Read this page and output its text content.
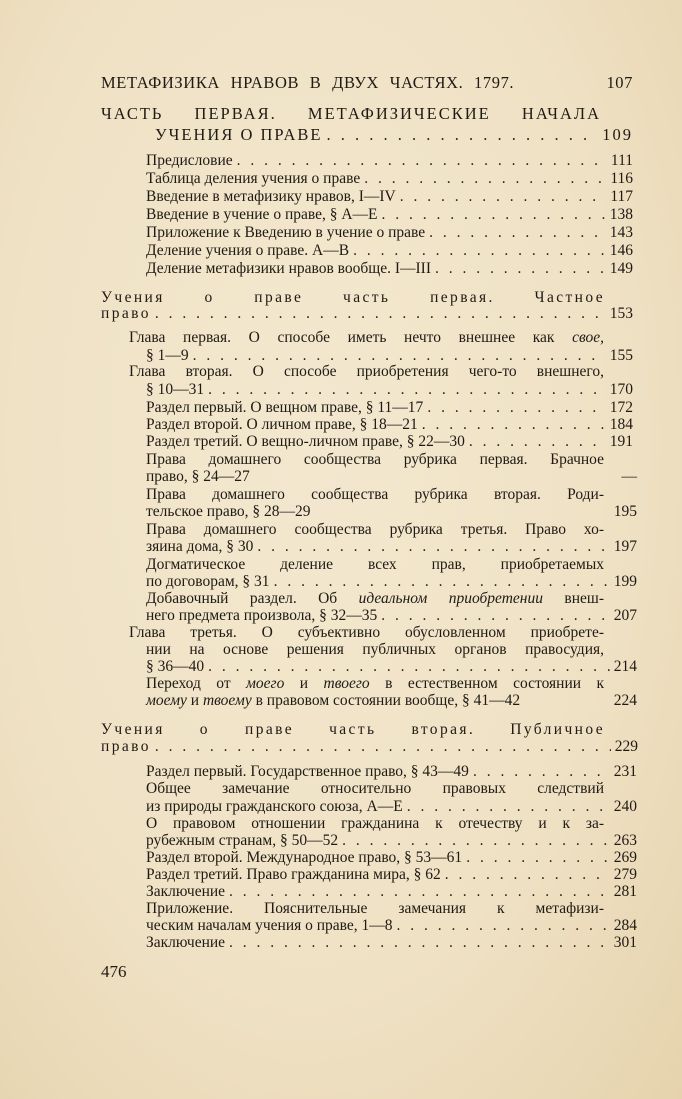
МЕТАФИЗИКА НРАВОВ В ДВУХ ЧАСТЯХ. 1797.	107
ЧАСТЬ ПЕРВАЯ. МЕТАФИЗИЧЕСКИЕ НАЧАЛА
УЧЕНИЯ О ПРАВЕ . . .	109
Предисловие . . .	111
Таблица деления учения о праве . . .	116
Введение в метафизику нравов, I—IV . . .	117
Введение в учение о праве, § A—E . . .	138
Приложение к Введению в учение о праве . . .	143
Деление учения о праве. A—B . . .	146
Деление метафизики нравов вообще. I—III . . .	149
Учения о праве часть первая. Частное
право . . .	153
Глава первая. О способе иметь нечто внешнее как свое,
§ 1—9 . . .	155
Глава вторая. О способе приобретения чего-то внешнего,
§ 10—31 . . .	170
Раздел первый. О вещном праве, § 11—17 . . .	172
Раздел второй. О личном праве, § 18—21 . . .	184
Раздел третий. О вещно-личном праве, § 22—30 . . .	191
Права домашнего сообщества рубрика первая. Брачное
право, § 24—27	—
Права домашнего сообщества рубрика вторая. Роди-
тельское право, § 28—29	195
Права домашнего сообщества рубрика третья. Право хо-
зяина дома, § 30 . . .	197
Догматическое деление всех прав, приобретаемых
по договорам, § 31 . . .	199
Добавочный раздел. Об идеальном приобретении внеш-
него предмета произвола, § 32—35 . . .	207
Глава третья. О субъективно обусловленном приобрете-
нии на основе решения публичных органов правосудия,
§ 36—40 . . .	214
Переход от моего и твоего в естественном состоянии к
моему и твоему в правовом состоянии вообще, § 41—42	224
Учения о праве часть вторая. Публичное
право . . .	229
Раздел первый. Государственное право, § 43—49 . . .	231
Общее замечание относительно правовых следствий
из природы гражданского союза, A—E . . .	240
О правовом отношении гражданина к отечеству и к за-
рубежным странам, § 50—52 . . .	263
Раздел второй. Международное право, § 53—61 . . .	269
Раздел третий. Право гражданина мира, § 62 . . .	279
Заключение . . .	281
Приложение. Пояснительные замечания к метафизи-
ческим началам учения о праве, 1—8 . . .	284
Заключение . . .	301
476
